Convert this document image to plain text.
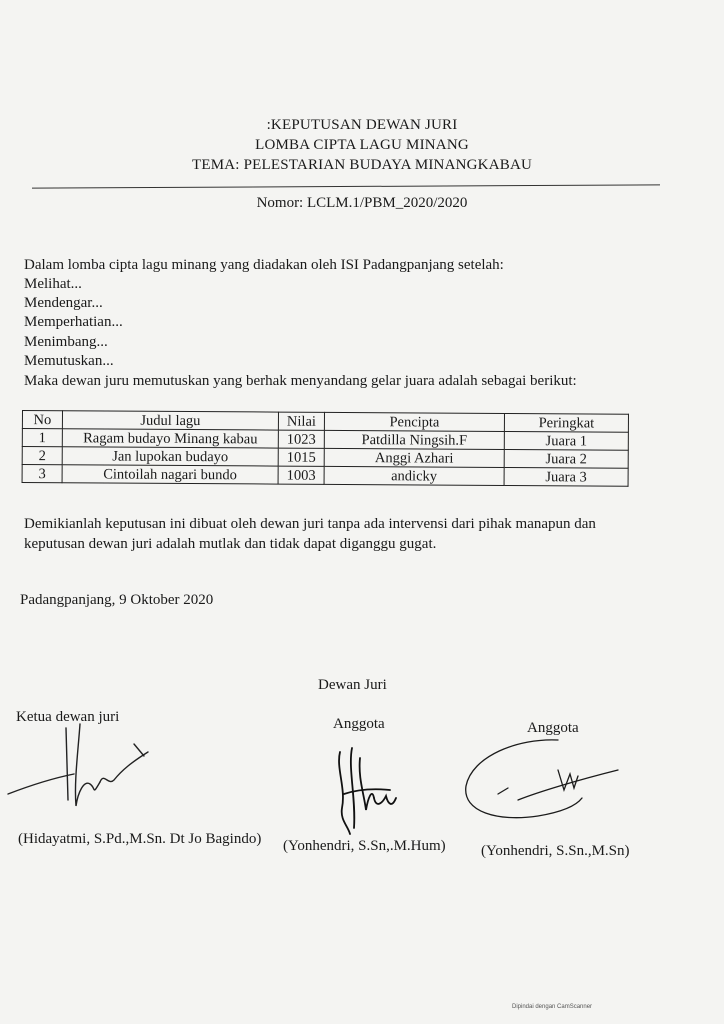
:KEPUTUSAN DEWAN JURI
LOMBA CIPTA LAGU MINANG
TEMA: PELESTARIAN BUDAYA MINANGKABAU
Nomor: LCLM.1/PBM_2020/2020
Dalam lomba cipta lagu minang yang diadakan oleh ISI Padangpanjang setelah:
Melihat...
Mendengar...
Memperhatian...
Menimbang...
Memutuskan...
Maka dewan juru memutuskan yang berhak menyandang gelar juara adalah sebagai berikut:
No	Judul lagu	Nilai	Pencipta	Peringkat
1	Ragam budayo Minang kabau	1023	Patdilla Ningsih.F	Juara 1
2	Jan lupokan budayo	1015	Anggi Azhari	Juara 2
3	Cintoilah nagari bundo	1003	andicky	Juara 3
Demikianlah keputusan ini dibuat oleh dewan juri tanpa ada intervensi dari pihak manapun dan
keputusan dewan juri adalah mutlak dan tidak dapat diganggu gugat.
Padangpanjang, 9 Oktober 2020
Dewan Juri
Ketua dewan juri	Anggota	Anggota
(Hidayatmi, S.Pd.,M.Sn. Dt Jo Bagindo) (Yonhendri, S.Sn,.M.Hum) (Yonhendri, S.Sn.,M.Sn)
Dipindai dengan CamScanner
